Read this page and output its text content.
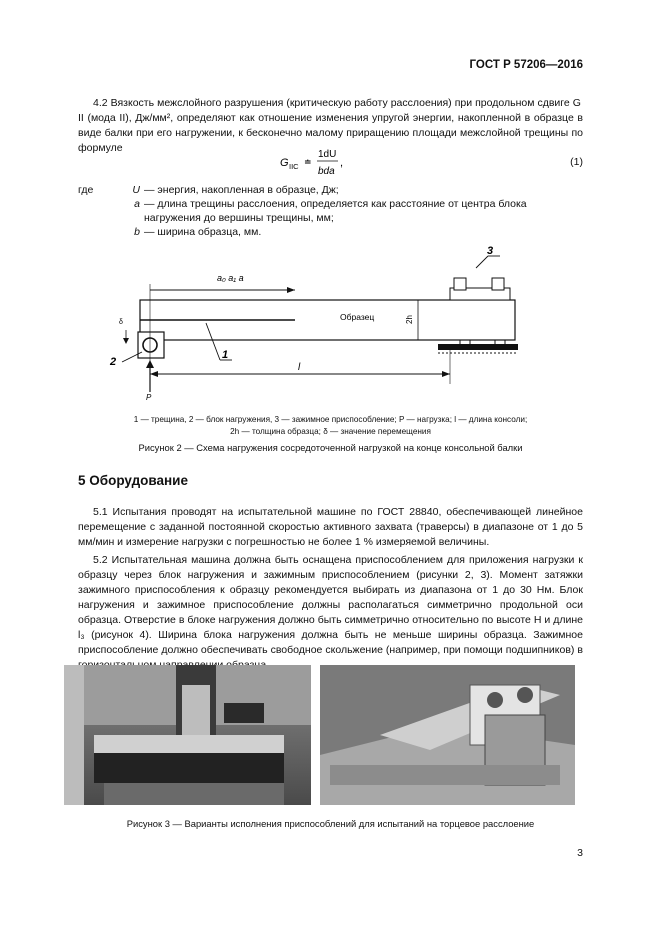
ГОСТ Р 57206—2016
4.2 Вязкость межслойного разрушения (критическую работу расслоения) при продольном сдвиге G II (мода II), Дж/мм², определяют как отношение изменения упругой энергии, накопленной в образце в виде балки при его нагружении, к бесконечно малому приращению площади межслойной трещины по формуле
G IIC ≐
1dU
bda
,	(1)
где	U — энергия, накопленная в образце, Дж;
a — длина трещины расслоения, определяется как расстояние от центра блока нагружения до вершины трещины, мм;
b — ширина образца, мм.
a₀ a₁ a
Образец	2h
3
1
2
δ
l
P
1 — трещина, 2 — блок нагружения, 3 — зажимное приспособление; P — нагрузка; l — длина консоли;
2h — толщина образца; δ — значение перемещения
Рисунок 2 — Схема нагружения сосредоточенной нагрузкой на конце консольной балки
5 Оборудование
5.1 Испытания проводят на испытательной машине по ГОСТ 28840, обеспечивающей линейное перемещение с заданной постоянной скоростью активного захвата (траверсы) в диапазоне от 1 до 5 мм/мин и измерение нагрузки с погрешностью не более 1 % измеряемой величины.
5.2 Испытательная машина должна быть оснащена приспособлением для приложения нагрузки к образцу через блок нагружения и зажимным приспособлением (рисунки 2, 3). Момент затяжки зажимного приспособления к образцу рекомендуется выбирать из диапазона от 1 до 30 Нм. Блок нагружения и зажимное приспособление должны располагаться симметрично продольной оси образца. Отверстие в блоке нагружения должно быть симметрично относительно по высоте H и длине l₃ (рисунок 4). Ширина блока нагружения должна быть не меньше ширины образца. Зажимное приспособление должно обеспечивать свободное скольжение (например, при помощи подшипников) в
Рисунок 3 — Варианты исполнения приспособлений для испытаний на торцевое расслоение
3
